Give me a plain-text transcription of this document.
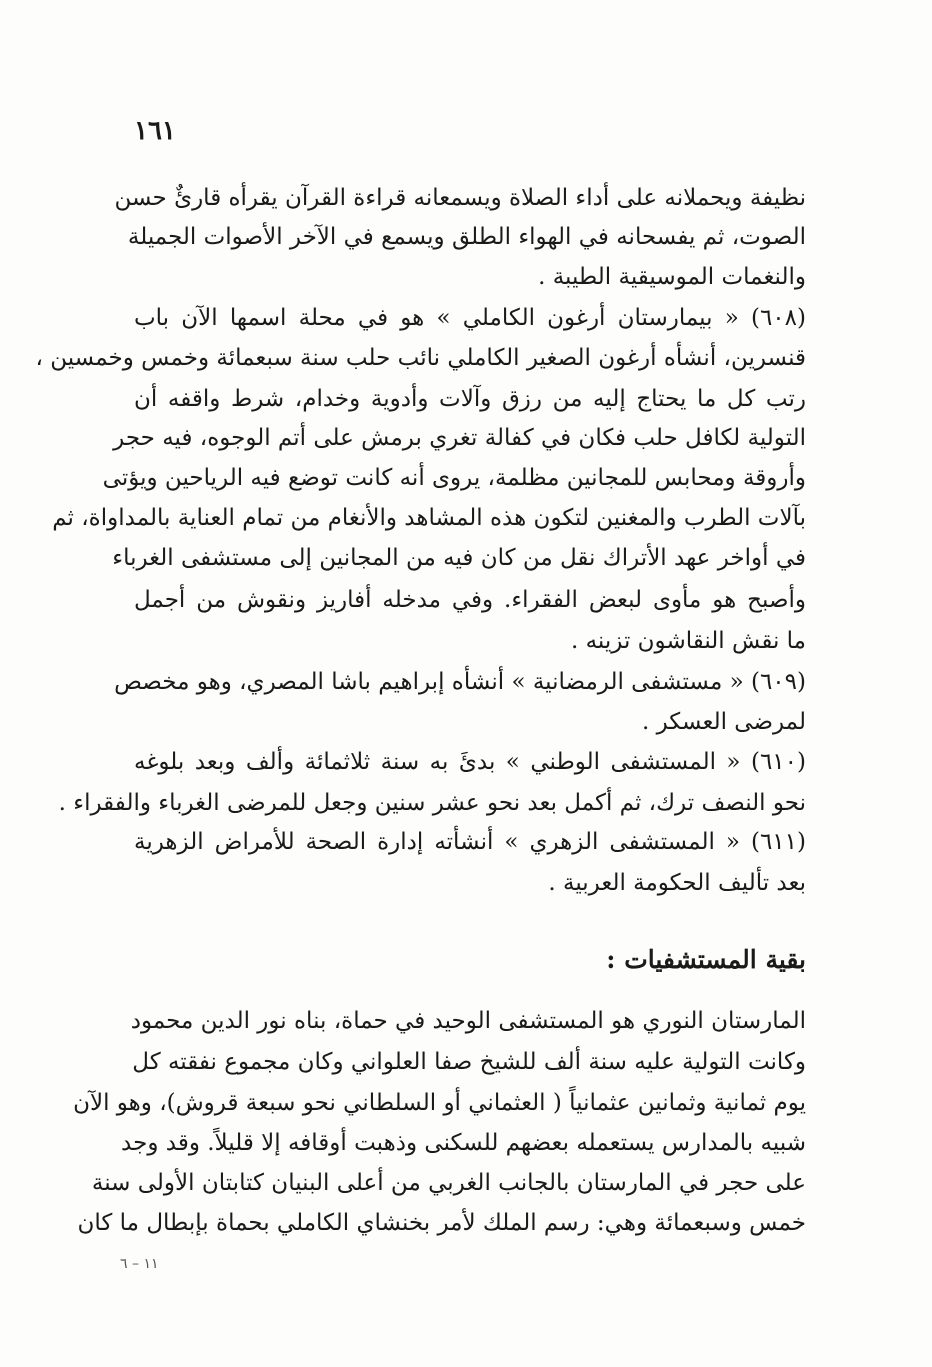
١٦١
نظيفة ويحملانه على أداء الصلاة ويسمعانه قراءة القرآن يقرأه قارئٌ حسن
الصوت، ثم يفسحانه في الهواء الطلق ويسمع في الآخر الأصوات الجميلة
والنغمات الموسيقية الطيبة .
(٦٠٨) « بيمارستان أرغون الكاملي » هو في محلة اسمها الآن باب
قنسرين، أنشأه أرغون الصغير الكاملي نائب حلب سنة سبعمائة وخمس وخمسين ،
رتب كل ما يحتاج إليه من رزق وآلات وأدوية وخدام، شرط واقفه أن
التولية لكافل حلب فكان في كفالة تغري برمش على أتم الوجوه، فيه حجر
وأروقة ومحابس للمجانين مظلمة، يروى أنه كانت توضع فيه الرياحين ويؤتى
بآلات الطرب والمغنين لتكون هذه المشاهد والأنغام من تمام العناية بالمداواة، ثم
في أواخر عهد الأتراك نقل من كان فيه من المجانين إلى مستشفى الغرباء
وأصبح هو مأوى لبعض الفقراء. وفي مدخله أفاريز ونقوش من أجمل
ما نقش النقاشون تزينه .
(٦٠٩) « مستشفى الرمضانية » أنشأه إبراهيم باشا المصري، وهو مخصص
لمرضى العسكر .
(٦١٠) « المستشفى الوطني » بدئَ به سنة ثلاثمائة وألف وبعد بلوغه
نحو النصف ترك، ثم أكمل بعد نحو عشر سنين وجعل للمرضى الغرباء والفقراء .
(٦١١) « المستشفى الزهري » أنشأته إدارة الصحة للأمراض الزهرية
بعد تأليف الحكومة العربية .
بقية المستشفيات :
المارستان النوري هو المستشفى الوحيد في حماة، بناه نور الدين محمود
وكانت التولية عليه سنة ألف للشيخ صفا العلواني وكان مجموع نفقته كل
يوم ثمانية وثمانين عثمانياً ( العثماني أو السلطاني نحو سبعة قروش)، وهو الآن
شبيه بالمدارس يستعمله بعضهم للسكنى وذهبت أوقافه إلا قليلاً. وقد وجد
على حجر في المارستان بالجانب الغربي من أعلى البنيان كتابتان الأولى سنة
خمس وسبعمائة وهي: رسم الملك لأمر بخنشاي الكاملي بحماة بإبطال ما كان
١١ – ٦
